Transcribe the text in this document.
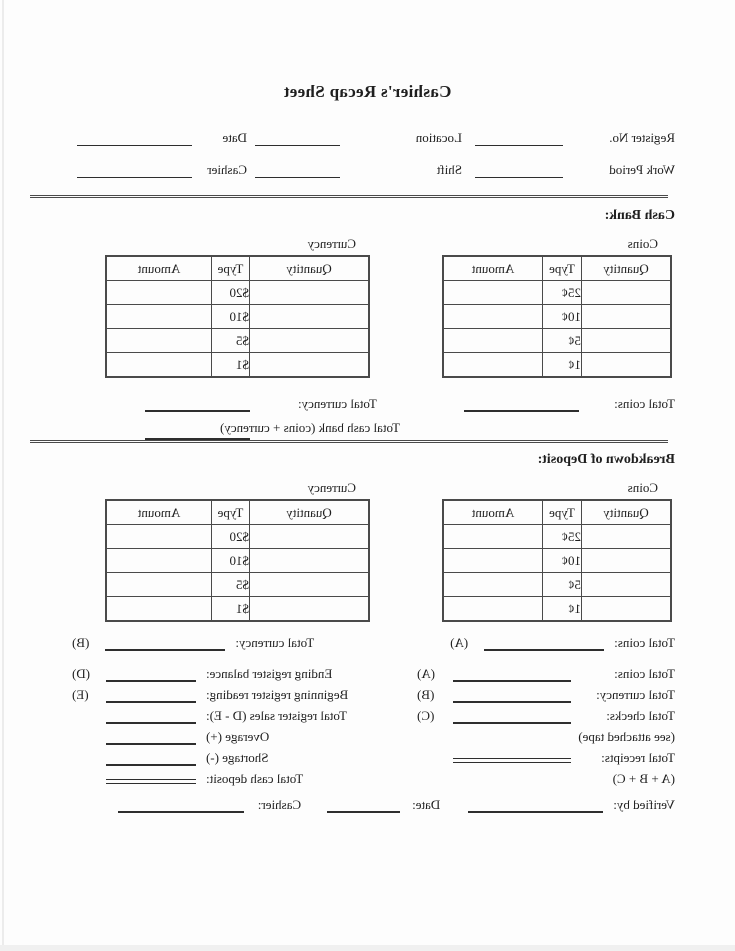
Cashier's Recap Sheet
Register No.
Location
Date
Work Period
Shift
Cashier
Cash Bank:
Coins
Quantity	Type	Amount
	25¢	
	10¢	
	5¢	
	1¢	
Currency
Quantity	Type	Amount
	$20	
	$10	
	$5	
	$1	
Total coins:
Total currency:
Total cash bank (coins + currency)
Breakdown of Deposit:
Coins
Quantity	Type	Amount
	25¢	
	10¢	
	5¢	
	1¢	
Currency
Quantity	Type	Amount
	$20	
	$10	
	$5	
	$1	
Total coins:
(A)
Total currency:
(B)
Total coins:
(A)
Total currency:
(B)
Total checks:
(C)
(see attached tape)
Total receipts:
(A + B + C)
Ending register balance:
(D)
Beginning register reading:
(E)
Total register sales (D - E):
Overage (+)
Shortage (-)
Total cash deposit:
Verified by:
Date:
Cashier:
